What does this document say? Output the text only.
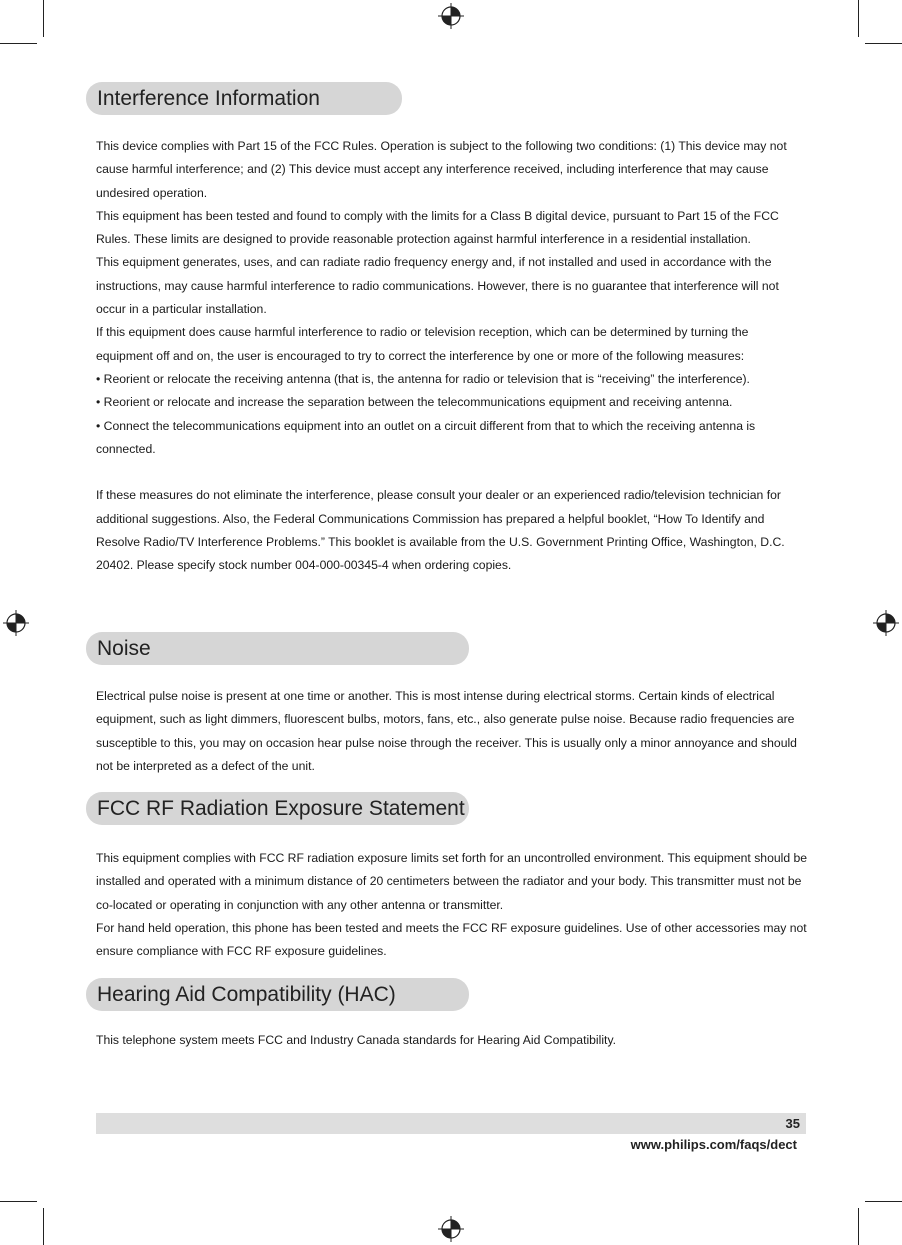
Interference Information

This device complies with Part 15 of the FCC Rules. Operation is subject to the following two conditions: (1) This device may not cause harmful interference; and (2) This device must accept any interference received, including interference that may cause undesired operation.

This equipment has been tested and found to comply with the limits for a Class B digital device, pursuant to Part 15 of the FCC Rules. These limits are designed to provide reasonable protection against harmful interference in a residential installation.

This equipment generates, uses, and can radiate radio frequency energy and, if not installed and used in accordance with the instructions, may cause harmful interference to radio communications. However, there is no guarantee that interference will not occur in a particular installation.

If this equipment does cause harmful interference to radio or television reception, which can be determined by turning the equipment off and on, the user is encouraged to try to correct the interference by one or more of the following measures:

• Reorient or relocate the receiving antenna (that is, the antenna for radio or television that is “receiving” the interference).

• Reorient or relocate and increase the separation between the telecommunications equipment and receiving antenna.

• Connect the telecommunications equipment into an outlet on a circuit different from that to which the receiving antenna is connected.

If these measures do not eliminate the interference, please consult your dealer or an experienced radio/television technician for additional suggestions. Also, the Federal Communications Commission has prepared a helpful booklet, “How To Identify and Resolve Radio/TV Interference Problems.” This booklet is available from the U.S. Government Printing Office, Washington, D.C. 20402. Please specify stock number 004-000-00345-4 when ordering copies.

Noise

Electrical pulse noise is present at one time or another. This is most intense during electrical storms. Certain kinds of electrical equipment, such as light dimmers, fluorescent bulbs, motors, fans, etc., also generate pulse noise. Because radio frequencies are susceptible to this, you may on occasion hear pulse noise through the receiver. This is usually only a minor annoyance and should not be interpreted as a defect of the unit.

FCC RF Radiation Exposure Statement

This equipment complies with FCC RF radiation exposure limits set forth for an uncontrolled environment. This equipment should be installed and operated with a minimum distance of 20 centimeters between the radiator and your body. This transmitter must not be co-located or operating in conjunction with any other antenna or transmitter.

For hand held operation, this phone has been tested and meets the FCC RF exposure guidelines. Use of other accessories may not ensure compliance with FCC RF exposure guidelines.

Hearing Aid Compatibility (HAC)

This telephone system meets FCC and Industry Canada standards for Hearing Aid Compatibility.

35
www.philips.com/faqs/dect
